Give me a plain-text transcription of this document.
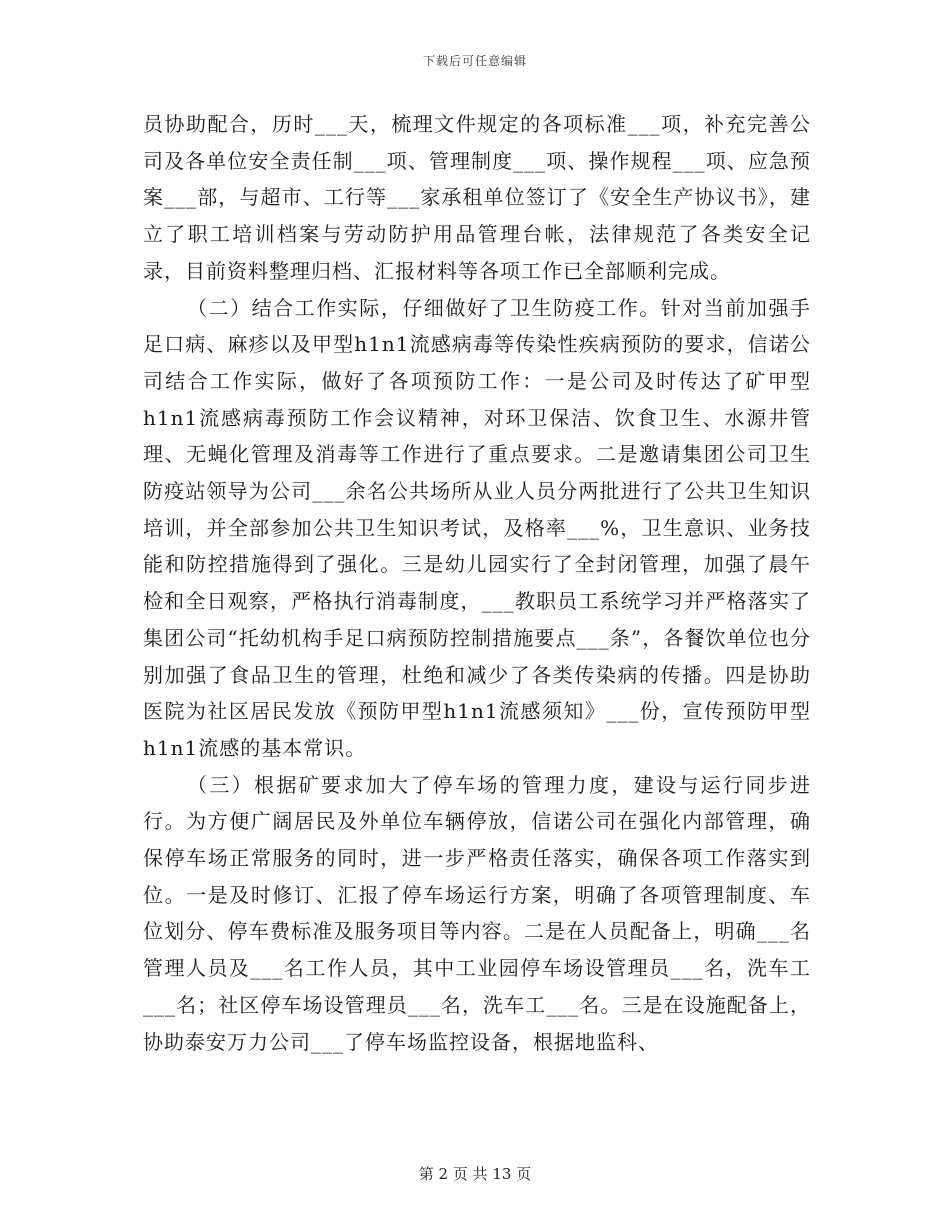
下载后可任意编辑

员协助配合，历时___天，梳理文件规定的各项标准___项，补充完善公司及各单位安全责任制___项、管理制度___项、操作规程___项、应急预案___部，与超市、工行等___家承租单位签订了《安全生产协议书》，建立了职工培训档案与劳动防护用品管理台帐，法律规范了各类安全记录，目前资料整理归档、汇报材料等各项工作已全部顺利完成。

（二）结合工作实际，仔细做好了卫生防疫工作。针对当前加强手足口病、麻疹以及甲型h1n1流感病毒等传染性疾病预防的要求，信诺公司结合工作实际，做好了各项预防工作：一是公司及时传达了矿甲型h1n1流感病毒预防工作会议精神，对环卫保洁、饮食卫生、水源井管理、无蝇化管理及消毒等工作进行了重点要求。二是邀请集团公司卫生防疫站领导为公司___余名公共场所从业人员分两批进行了公共卫生知识培训，并全部参加公共卫生知识考试，及格率___%，卫生意识、业务技能和防控措施得到了强化。三是幼儿园实行了全封闭管理，加强了晨午检和全日观察，严格执行消毒制度，___教职员工系统学习并严格落实了集团公司“托幼机构手足口病预防控制措施要点___条”，各餐饮单位也分别加强了食品卫生的管理，杜绝和减少了各类传染病的传播。四是协助医院为社区居民发放《预防甲型h1n1流感须知》___份，宣传预防甲型h1n1流感的基本常识。

（三）根据矿要求加大了停车场的管理力度，建设与运行同步进行。为方便广阔居民及外单位车辆停放，信诺公司在强化内部管理，确保停车场正常服务的同时，进一步严格责任落实，确保各项工作落实到位。一是及时修订、汇报了停车场运行方案，明确了各项管理制度、车位划分、停车费标准及服务项目等内容。二是在人员配备上，明确___名管理人员及___名工作人员，其中工业园停车场设管理员___名，洗车工___名；社区停车场设管理员___名，洗车工___名。三是在设施配备上，协助泰安万力公司___了停车场监控设备，根据地监科、

第 2 页 共 13 页
